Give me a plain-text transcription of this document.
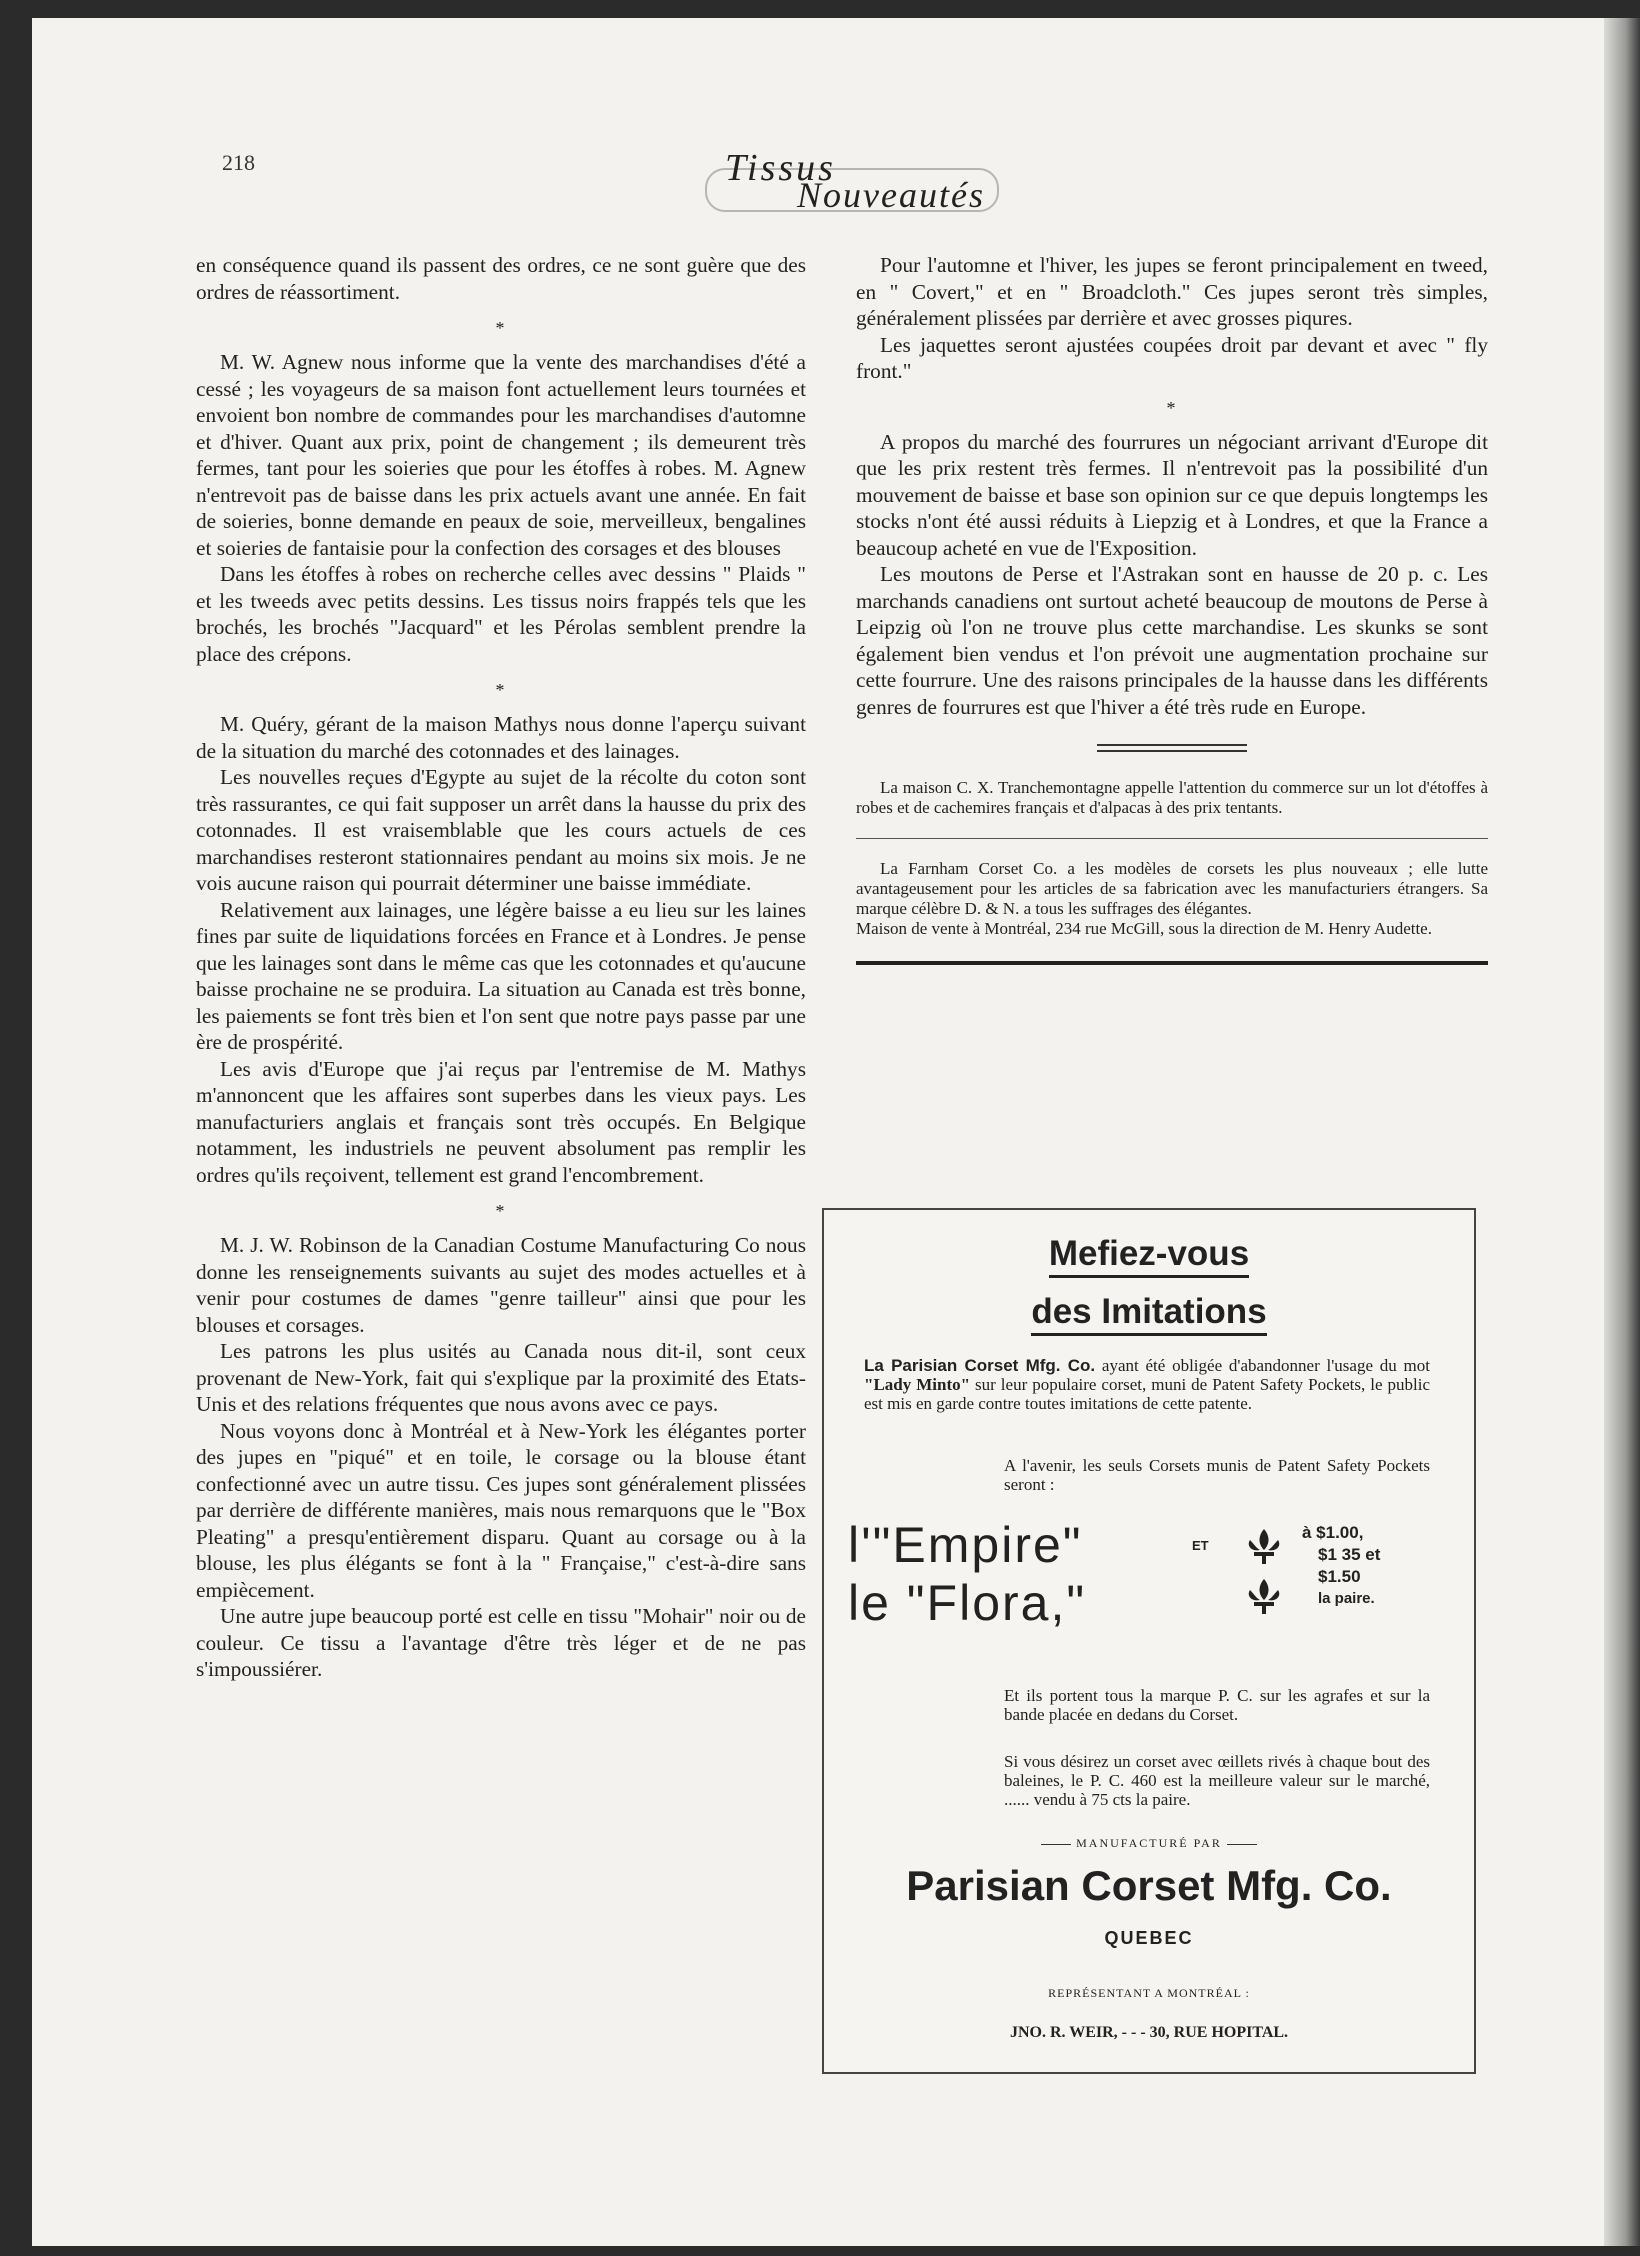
218	Tissus
Nouveautés

en conséquence quand ils passent des ordres, ce ne sont guère que des ordres de réassortiment.

*

M. W. Agnew nous informe que la vente des marchandises d'été a cessé ; les voyageurs de sa maison font actuellement leurs tournées et envoient bon nombre de commandes pour les marchandises d'automne et d'hiver. Quant aux prix, point de changement ; ils demeurent très fermes, tant pour les soieries que pour les étoffes à robes. M. Agnew n'entrevoit pas de baisse dans les prix actuels avant une année. En fait de soieries, bonne demande en peaux de soie, merveilleux, bengalines et soieries de fantaisie pour la confection des corsages et des blouses

Dans les étoffes à robes on recherche celles avec dessins " Plaids " et les tweeds avec petits dessins. Les tissus noirs frappés tels que les brochés, les brochés "Jacquard" et les Pérolas semblent prendre la place des crépons.

*

M. Quéry, gérant de la maison Mathys nous donne l'aperçu suivant de la situation du marché des cotonnades et des lainages.

Les nouvelles reçues d'Egypte au sujet de la récolte du coton sont très rassurantes, ce qui fait supposer un arrêt dans la hausse du prix des cotonnades. Il est vraisemblable que les cours actuels de ces marchandises resteront stationnaires pendant au moins six mois. Je ne vois aucune raison qui pourrait déterminer une baisse immédiate.

Relativement aux lainages, une légère baisse a eu lieu sur les laines fines par suite de liquidations forcées en France et à Londres. Je pense que les lainages sont dans le même cas que les cotonnades et qu'aucune baisse prochaine ne se produira. La situation au Canada est très bonne, les paiements se font très bien et l'on sent que notre pays passe par une ère de prospérité.

Les avis d'Europe que j'ai reçus par l'entremise de M. Mathys m'annoncent que les affaires sont superbes dans les vieux pays. Les manufacturiers anglais et français sont très occupés. En Belgique notamment, les industriels ne peuvent absolument pas remplir les ordres qu'ils reçoivent, tellement est grand l'encombrement.

*

M. J. W. Robinson de la Canadian Costume Manufacturing Co nous donne les renseignements suivants au sujet des modes actuelles et à venir pour costumes de dames "genre tailleur" ainsi que pour les blouses et corsages.

Les patrons les plus usités au Canada nous dit-il, sont ceux provenant de New-York, fait qui s'explique par la proximité des Etats-Unis et des relations fréquentes que nous avons avec ce pays.

Nous voyons donc à Montréal et à New-York les élégantes porter des jupes en "piqué" et en toile, le corsage ou la blouse étant confectionné avec un autre tissu. Ces jupes sont généralement plissées par derrière de différente manières, mais nous remarquons que le "Box Pleating" a presqu'entièrement disparu. Quant au corsage ou à la blouse, les plus élégants se font à la " Française," c'est-à-dire sans empiècement.

Une autre jupe beaucoup porté est celle en tissu "Mohair" noir ou de couleur. Ce tissu a l'avantage d'être très léger et de ne pas s'impoussiérer.

Pour l'automne et l'hiver, les jupes se feront principalement en tweed, en " Covert," et en " Broadcloth." Ces jupes seront très simples, généralement plissées par derrière et avec grosses piqures.

Les jaquettes seront ajustées coupées droit par devant et avec " fly front."

*

A propos du marché des fourrures un négociant arrivant d'Europe dit que les prix restent très fermes. Il n'entrevoit pas la possibilité d'un mouvement de baisse et base son opinion sur ce que depuis longtemps les stocks n'ont été aussi réduits à Liepzig et à Londres, et que la France a beaucoup acheté en vue de l'Exposition.

Les moutons de Perse et l'Astrakan sont en hausse de 20 p. c. Les marchands canadiens ont surtout acheté beaucoup de moutons de Perse à Leipzig où l'on ne trouve plus cette marchandise. Les skunks se sont également bien vendus et l'on prévoit une augmentation prochaine sur cette fourrure. Une des raisons principales de la hausse dans les différents genres de fourrures est que l'hiver a été très rude en Europe.

La maison C. X. Tranchemontagne appelle l'attention du commerce sur un lot d'étoffes à robes et de cachemires français et d'alpacas à des prix tentants.

La Farnham Corset Co. a les modèles de corsets les plus nouveaux ; elle lutte avantageusement pour les articles de sa fabrication avec les manufacturiers étrangers. Sa marque célèbre D. & N. a tous les suffrages des élégantes.

Maison de vente à Montréal, 234 rue McGill, sous la direction de M. Henry Audette.

Mefiez-vous
des Imitations
La Parisian Corset Mfg. Co. ayant été obligée d'abandonner l'usage du mot "Lady Minto" sur leur populaire corset, muni de Patent Safety Pockets, le public est mis en garde contre toutes imitations de cette patente.
A l'avenir, les seuls Corsets munis de Patent Safety Pockets seront :
l'"Empire"	ET
le "Flora,"
à $1.00,
$1 35 et
$1.50
la paire.
Et ils portent tous la marque P. C. sur les agrafes et sur la bande placée en dedans du Corset.
Si vous désirez un corset avec œillets rivés à chaque bout des baleines, le P. C. 460 est la meilleure valeur sur le marché, ...... vendu à 75 cts la paire.
MANUFACTURÉ PAR
Parisian Corset Mfg. Co.
QUEBEC
REPRÉSENTANT A MONTRÉAL :
JNO. R. WEIR, - - - 30, RUE HOPITAL.
